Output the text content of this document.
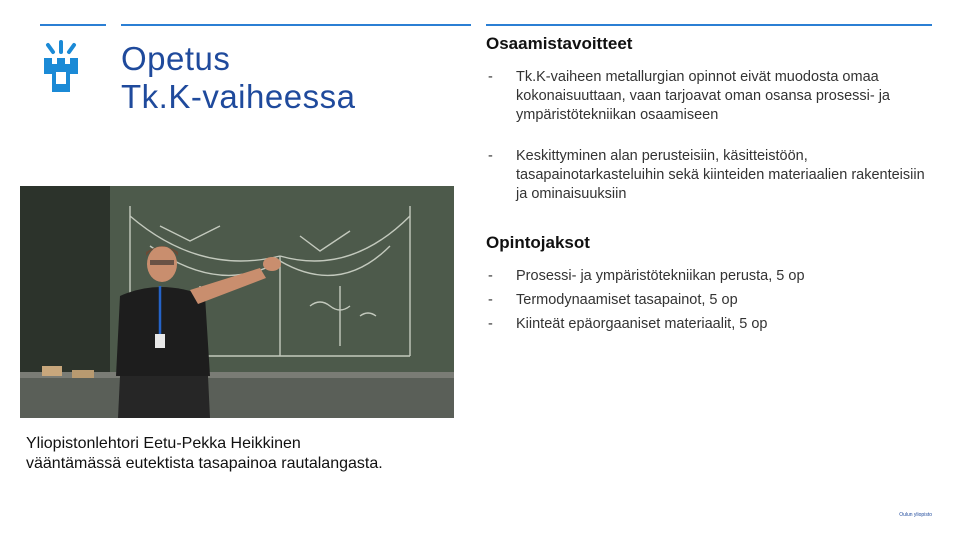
Opetus
Tk.K-vaiheessa
Yliopistonlehtori Eetu-Pekka Heikkinen
vääntämässä eutektista tasapainoa rautalangasta.
Osaamistavoitteet
- Tk.K-vaiheen metallurgian opinnot eivät muodosta omaa kokonaisuuttaan, vaan tarjoavat oman osansa prosessi- ja ympäristötekniikan osaamiseen
- Keskittyminen alan perusteisiin, käsitteistöön, tasapainotarkasteluihin sekä kiinteiden materiaalien rakenteisiin ja ominaisuuksiin
Opintojaksot
- Prosessi- ja ympäristötekniikan perusta, 5 op
- Termodynaamiset tasapainot, 5 op
- Kiinteät epäorgaaniset materiaalit, 5 op
Oulun yliopisto
